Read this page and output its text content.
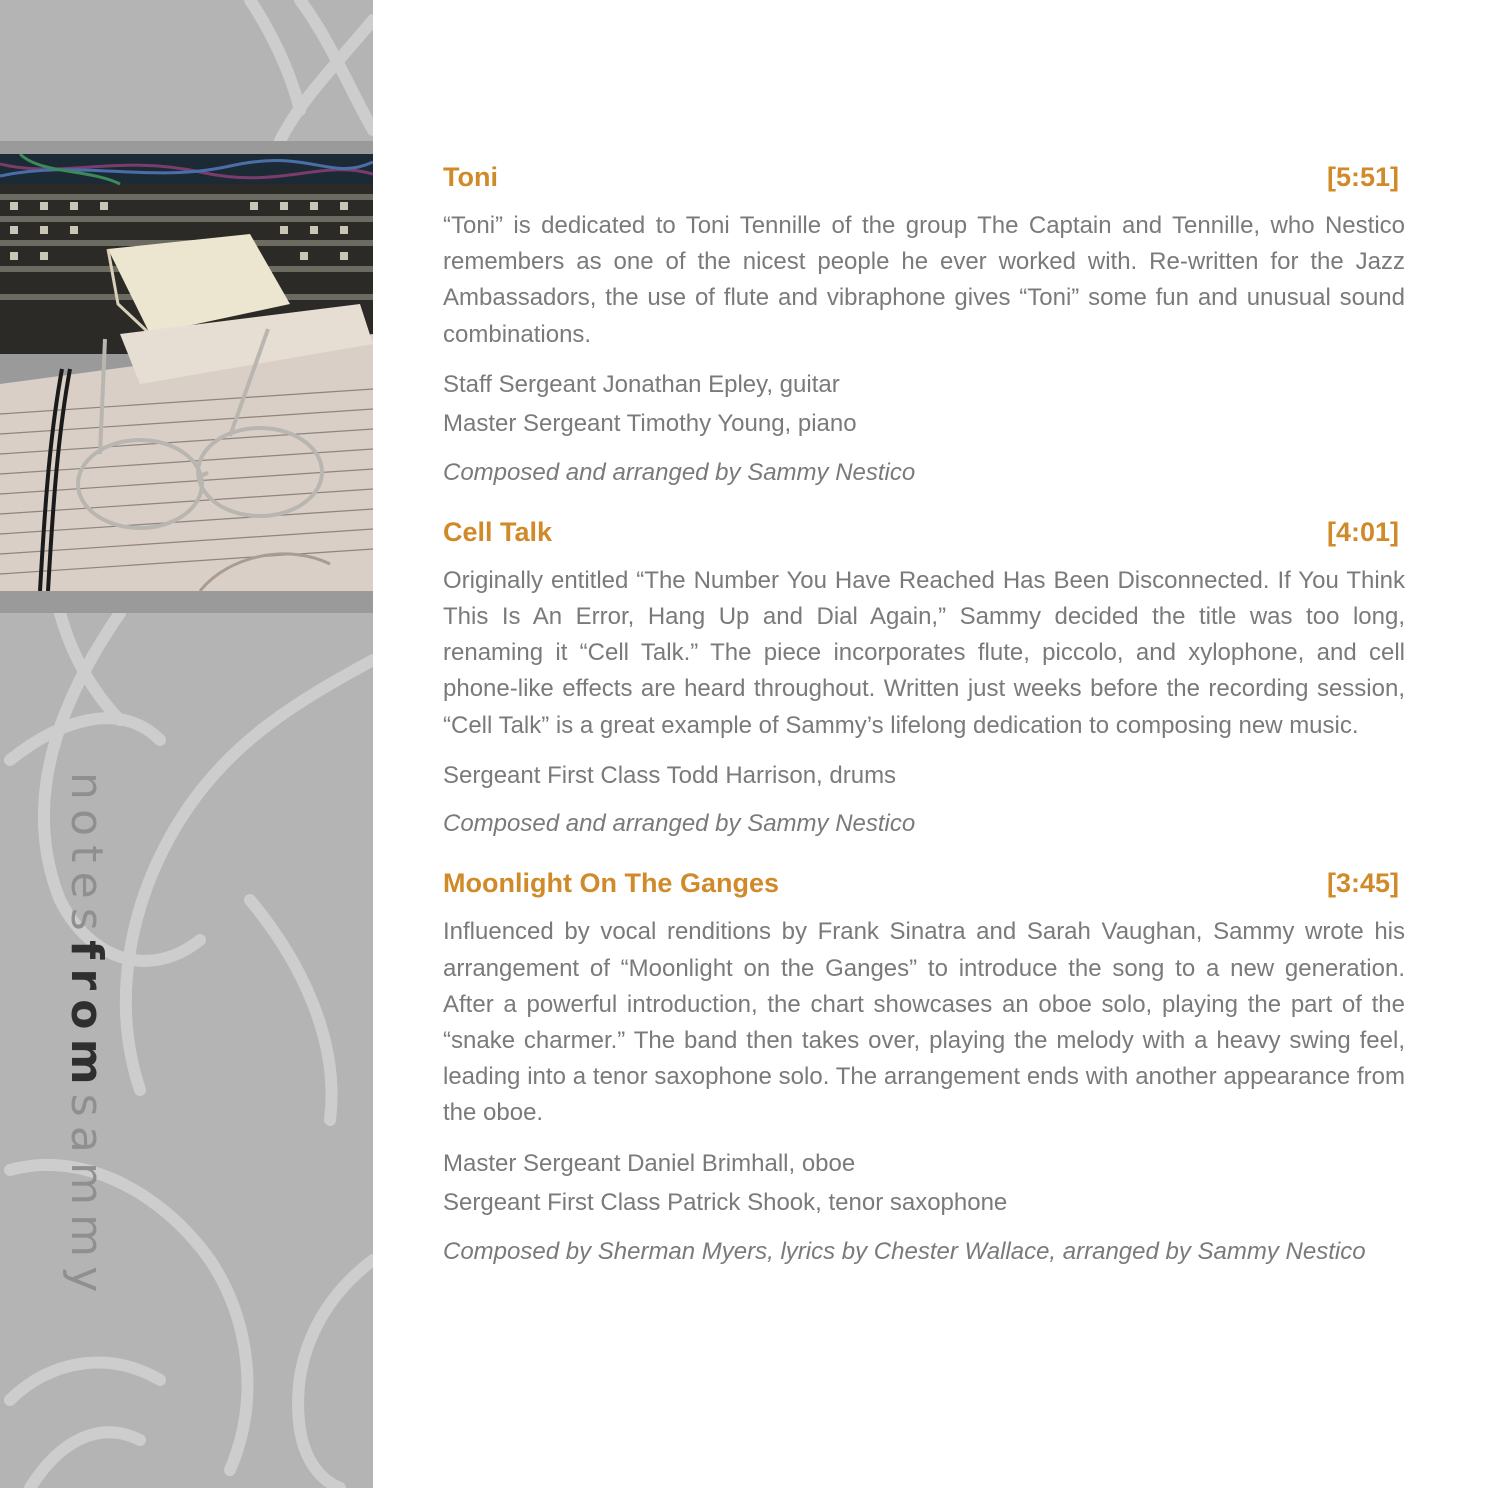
notesfromsammy
Toni	[5:51]

“Toni” is dedicated to Toni Tennille of the group The Captain and Tennille, who Nestico remembers as one of the nicest people he ever worked with. Re-written for the Jazz Ambassadors, the use of flute and vibraphone gives “Toni” some fun and unusual sound combinations.

Staff Sergeant Jonathan Epley, guitar
Master Sergeant Timothy Young, piano
Composed and arranged by Sammy Nestico
Cell Talk	[4:01]

Originally entitled “The Number You Have Reached Has Been Disconnected. If You Think This Is An Error, Hang Up and Dial Again,” Sammy decided the title was too long, renaming it “Cell Talk.” The piece incorporates flute, piccolo, and xylophone, and cell phone-like effects are heard throughout. Written just weeks before the recording session, “Cell Talk” is a great example of Sammy’s lifelong dedication to composing new music.

Sergeant First Class Todd Harrison, drums
Composed and arranged by Sammy Nestico
Moonlight On The Ganges	[3:45]

Influenced by vocal renditions by Frank Sinatra and Sarah Vaughan, Sammy wrote his arrangement of “Moonlight on the Ganges” to introduce the song to a new generation. After a powerful introduction, the chart showcases an oboe solo, playing the part of the “snake charmer.” The band then takes over, playing the melody with a heavy swing feel, leading into a tenor saxophone solo. The arrangement ends with another appearance from the oboe.

Master Sergeant Daniel Brimhall, oboe
Sergeant First Class Patrick Shook, tenor saxophone
Composed by Sherman Myers, lyrics by Chester Wallace, arranged by Sammy Nestico
